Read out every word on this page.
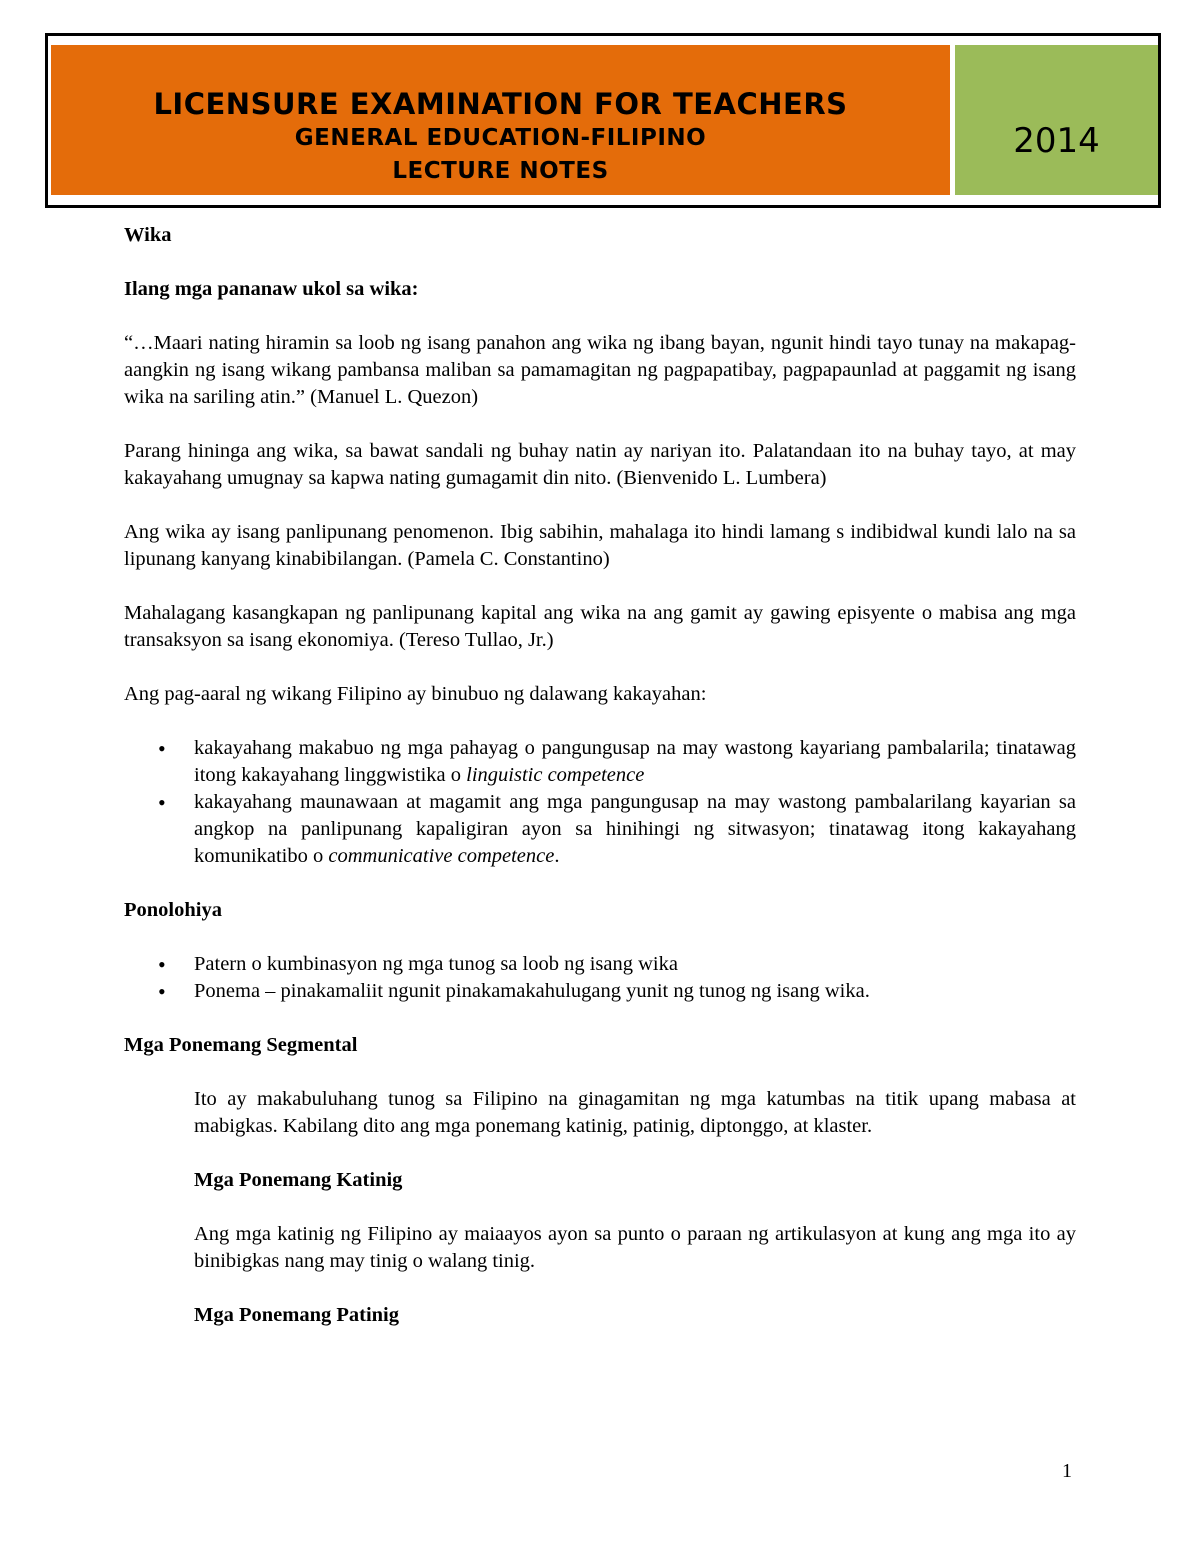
LICENSURE EXAMINATION FOR TEACHERS
GENERAL EDUCATION-FILIPINO
LECTURE NOTES
2014

Wika

Ilang mga pananaw ukol sa wika:

“…Maari nating hiramin sa loob ng isang panahon ang wika ng ibang bayan, ngunit hindi tayo tunay na makapag-aangkin ng isang wikang pambansa maliban sa pamamagitan ng pagpapatibay, pagpapaunlad at paggamit ng isang wika na sariling atin.” (Manuel L. Quezon)

Parang hininga ang wika, sa bawat sandali ng buhay natin ay nariyan ito. Palatandaan ito na buhay tayo, at may kakayahang umugnay sa kapwa nating gumagamit din nito. (Bienvenido L. Lumbera)

Ang wika ay isang panlipunang penomenon. Ibig sabihin, mahalaga ito hindi lamang s indibidwal kundi lalo na sa lipunang kanyang kinabibilangan. (Pamela C. Constantino)

Mahalagang kasangkapan ng panlipunang kapital ang wika na ang gamit ay gawing episyente o mabisa ang mga transaksyon sa isang ekonomiya. (Tereso Tullao, Jr.)

Ang pag-aaral ng wikang Filipino ay binubuo ng dalawang kakayahan:

• kakayahang makabuo ng mga pahayag o pangungusap na may wastong kayariang pambalarila; tinatawag itong kakayahang linggwistika o linguistic competence
• kakayahang maunawaan at magamit ang mga pangungusap na may wastong pambalarilang kayarian sa angkop na panlipunang kapaligiran ayon sa hinihingi ng sitwasyon; tinatawag itong kakayahang komunikatibo o communicative competence.

Ponolohiya

• Patern o kumbinasyon ng mga tunog sa loob ng isang wika
• Ponema – pinakamaliit ngunit pinakamakahulugang yunit ng tunog ng isang wika.

Mga Ponemang Segmental

Ito ay makabuluhang tunog sa Filipino na ginagamitan ng mga katumbas na titik upang mabasa at mabigkas. Kabilang dito ang mga ponemang katinig, patinig, diptonggo, at klaster.

Mga Ponemang Katinig

Ang mga katinig ng Filipino ay maiaayos ayon sa punto o paraan ng artikulasyon at kung ang mga ito ay binibigkas nang may tinig o walang tinig.

Mga Ponemang Patinig

1
